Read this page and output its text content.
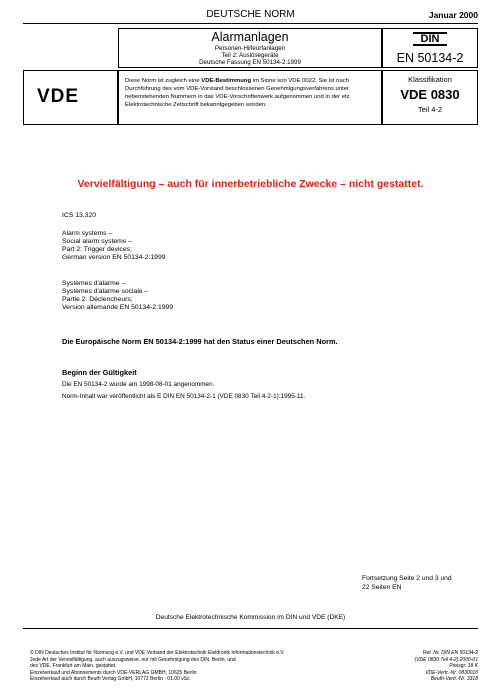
DEUTSCHE NORM	Januar 2000
Alarmanlagen
Personen-Hilfeurfanlagen
Teil 2: Auslösegeräte
Deutsche Fassung EN 50134-2:1999
DIN
EN 50134-2
VDE
Diese Norm ist zugleich eine VDE-Bestimmung im Sinne von VDE 0022. Sie ist nach
Durchführung des vom VDE-Vorstand beschlossenen Genehmigungsverfahrens unter
nebenstehenden Nummern in das VDE-Vorschriftenwerk aufgenommen und in der etz
Elektrotechnische Zeitschrift bekanntgegeben worden.
Klassifikation
VDE 0830
Teil 4-2
Vervielfältigung – auch für innerbetriebliche Zwecke – nicht gestattet.
ICS 13.320
Alarm systems –
Social alarm systems –
Part 2: Trigger devices;
German version EN 50134-2:1999
Systèmes d'alarme –
Systèmes d'alarme sociale –
Partie 2: Déclencheurs;
Version allemande EN 50134-2:1999
Die Europäische Norm EN 50134-2:1999 hat den Status einer Deutschen Norm.
Beginn der Gültigkeit
Die EN 50134-2 wurde am 1998-08-01 angenommen.
Norm-Inhalt war veröffentlicht als E DIN EN 50134-2-1 (VDE 0830 Teil 4-2-1):1995-11.
Fortsetzung Seite 2 und 3 und
22 Seiten EN
Deutsche Elektrotechnische Kommission im DIN und VDE (DKE)
© DIN Deutsches Institut für Normung e.V. und VDE Verband der Elektrotechnik Elektronik Informationstechnik e.V.
Jede Art der Vervielfältigung, auch auszugsweise, nur mit Genehmigung des DIN, Berlin, und
des VDE, Frankfurt am Main, gestattet.
Einzelverkauf und Abonnements durch VDE-VERLAG GMBH, 10625 Berlin
Einzelverkauf auch durch Beuth Verlag GmbH, 10772 Berlin · 01.00 vSc
Ref. Nr. DIN EN 50134-2
(VDE 0830 Teil 4-2):2000-01
Preisgr. 18 K
VDE-Vertr.-Nr. 0830010
Beuth-Vertr.-Nr. 3318
